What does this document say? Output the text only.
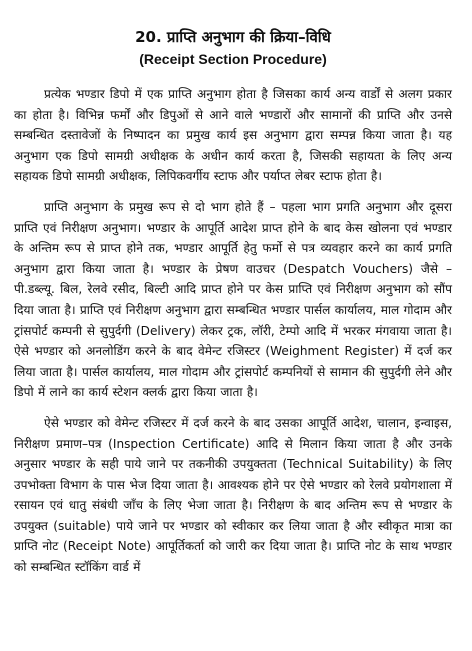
20. प्राप्ति अनुभाग की क्रिया–विधि
(Receipt Section Procedure)

प्रत्येक भण्डार डिपो में एक प्राप्ति अनुभाग होता है जिसका कार्य अन्य वार्डों से अलग प्रकार का होता है। विभिन्न फर्मों और डिपुओं से आने वाले भण्डारों और सामानों की प्राप्ति और उनसे सम्बन्धित दस्तावेजों के निष्पादन का प्रमुख कार्य इस अनुभाग द्वारा सम्पन्न किया जाता है। यह अनुभाग एक डिपो सामग्री अधीक्षक के अधीन कार्य करता है, जिसकी सहायता के लिए अन्य सहायक डिपो सामग्री अधीक्षक, लिपिकवर्गीय स्टाफ और पर्याप्त लेबर स्टाफ होता है।

प्राप्ति अनुभाग के प्रमुख रूप से दो भाग होते हैं – पहला भाग प्रगति अनुभाग और दूसरा प्राप्ति एवं निरीक्षण अनुभाग। भण्डार के आपूर्ति आदेश प्राप्त होने के बाद केस खोलना एवं भण्डार के अन्तिम रूप से प्राप्त होने तक, भण्डार आपूर्ति हेतु फर्मो से पत्र व्यवहार करने का कार्य प्रगति अनुभाग द्वारा किया जाता है। भण्डार के प्रेषण वाउचर (Despatch Vouchers) जैसे – पी.डब्ल्यू. बिल, रेलवे रसीद, बिल्टी आदि प्राप्त होने पर केस प्राप्ति एवं निरीक्षण अनुभाग को सौंप दिया जाता है। प्राप्ति एवं निरीक्षण अनुभाग द्वारा सम्बन्धित भण्डार पार्सल कार्यालय, माल गोदाम और ट्रांसपोर्ट कम्पनी से सुपुर्दगी (Delivery) लेकर ट्रक, लॉरी, टेम्पो आदि में भरकर मंगवाया जाता है। ऐसे भण्डार को अनलोडिंग करने के बाद वेमेन्ट रजिस्टर (Weighment Register) में दर्ज कर लिया जाता है। पार्सल कार्यालय, माल गोदाम और ट्रांसपोर्ट कम्पनियों से सामान की सुपुर्दगी लेने और डिपो में लाने का कार्य स्टेशन क्लर्क द्वारा किया जाता है।

ऐसे भण्डार को वेमेन्ट रजिस्टर में दर्ज करने के बाद उसका आपूर्ति आदेश, चालान, इन्वाइस, निरीक्षण प्रमाण–पत्र (Inspection Certificate) आदि से मिलान किया जाता है और उनके अनुसार भण्डार के सही पाये जाने पर तकनीकी उपयुक्तता (Technical Suitability) के लिए उपभोक्ता विभाग के पास भेज दिया जाता है। आवश्यक होने पर ऐसे भण्डार को रेलवे प्रयोगशाला में रसायन एवं धातु संबंधी जाँच के लिए भेजा जाता है। निरीक्षण के बाद अन्तिम रूप से भण्डार के उपयुक्त (suitable) पाये जाने पर भण्डार को स्वीकार कर लिया जाता है और स्वीकृत मात्रा का प्राप्ति नोट (Receipt Note) आपूर्तिकर्ता को जारी कर दिया जाता है। प्राप्ति नोट के साथ भण्डार को सम्बन्धित स्टॉकिंग वार्ड में
